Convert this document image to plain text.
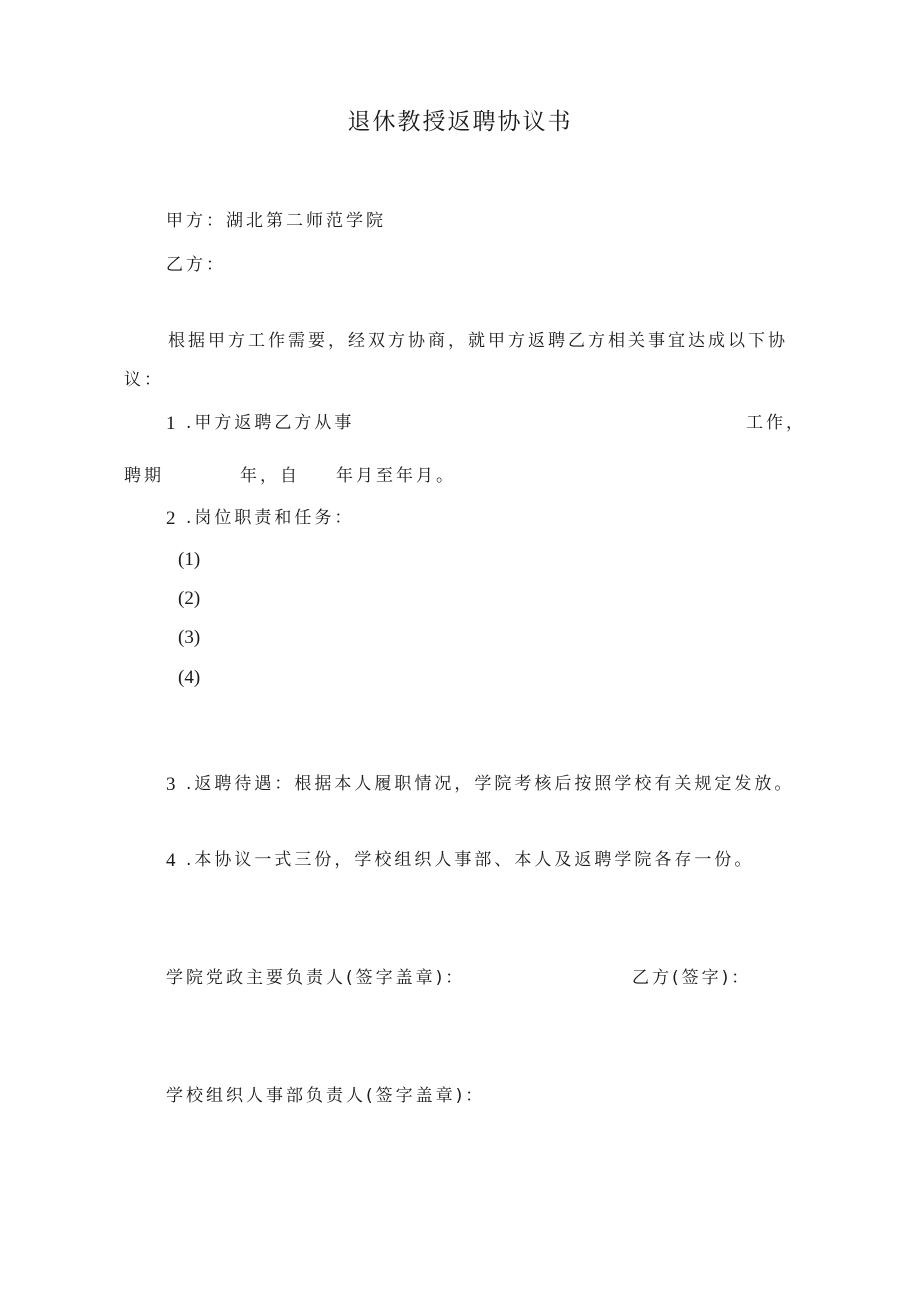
退休教授返聘协议书
甲方：湖北第二师范学院
乙方：
根据甲方工作需要，经双方协商，就甲方返聘乙方相关事宜达成以下协
议：
1 .甲方返聘乙方从事	工作，
聘期	年，自 年月至年月。
2 .岗位职责和任务：
(1)
(2)
(3)
(4)
3 .返聘待遇：根据本人履职情况，学院考核后按照学校有关规定发放。
4 .本协议一式三份，学校组织人事部、本人及返聘学院各存一份。
学院党政主要负责人(签字盖章)：	乙方(签字)：
学校组织人事部负责人(签字盖章)：
